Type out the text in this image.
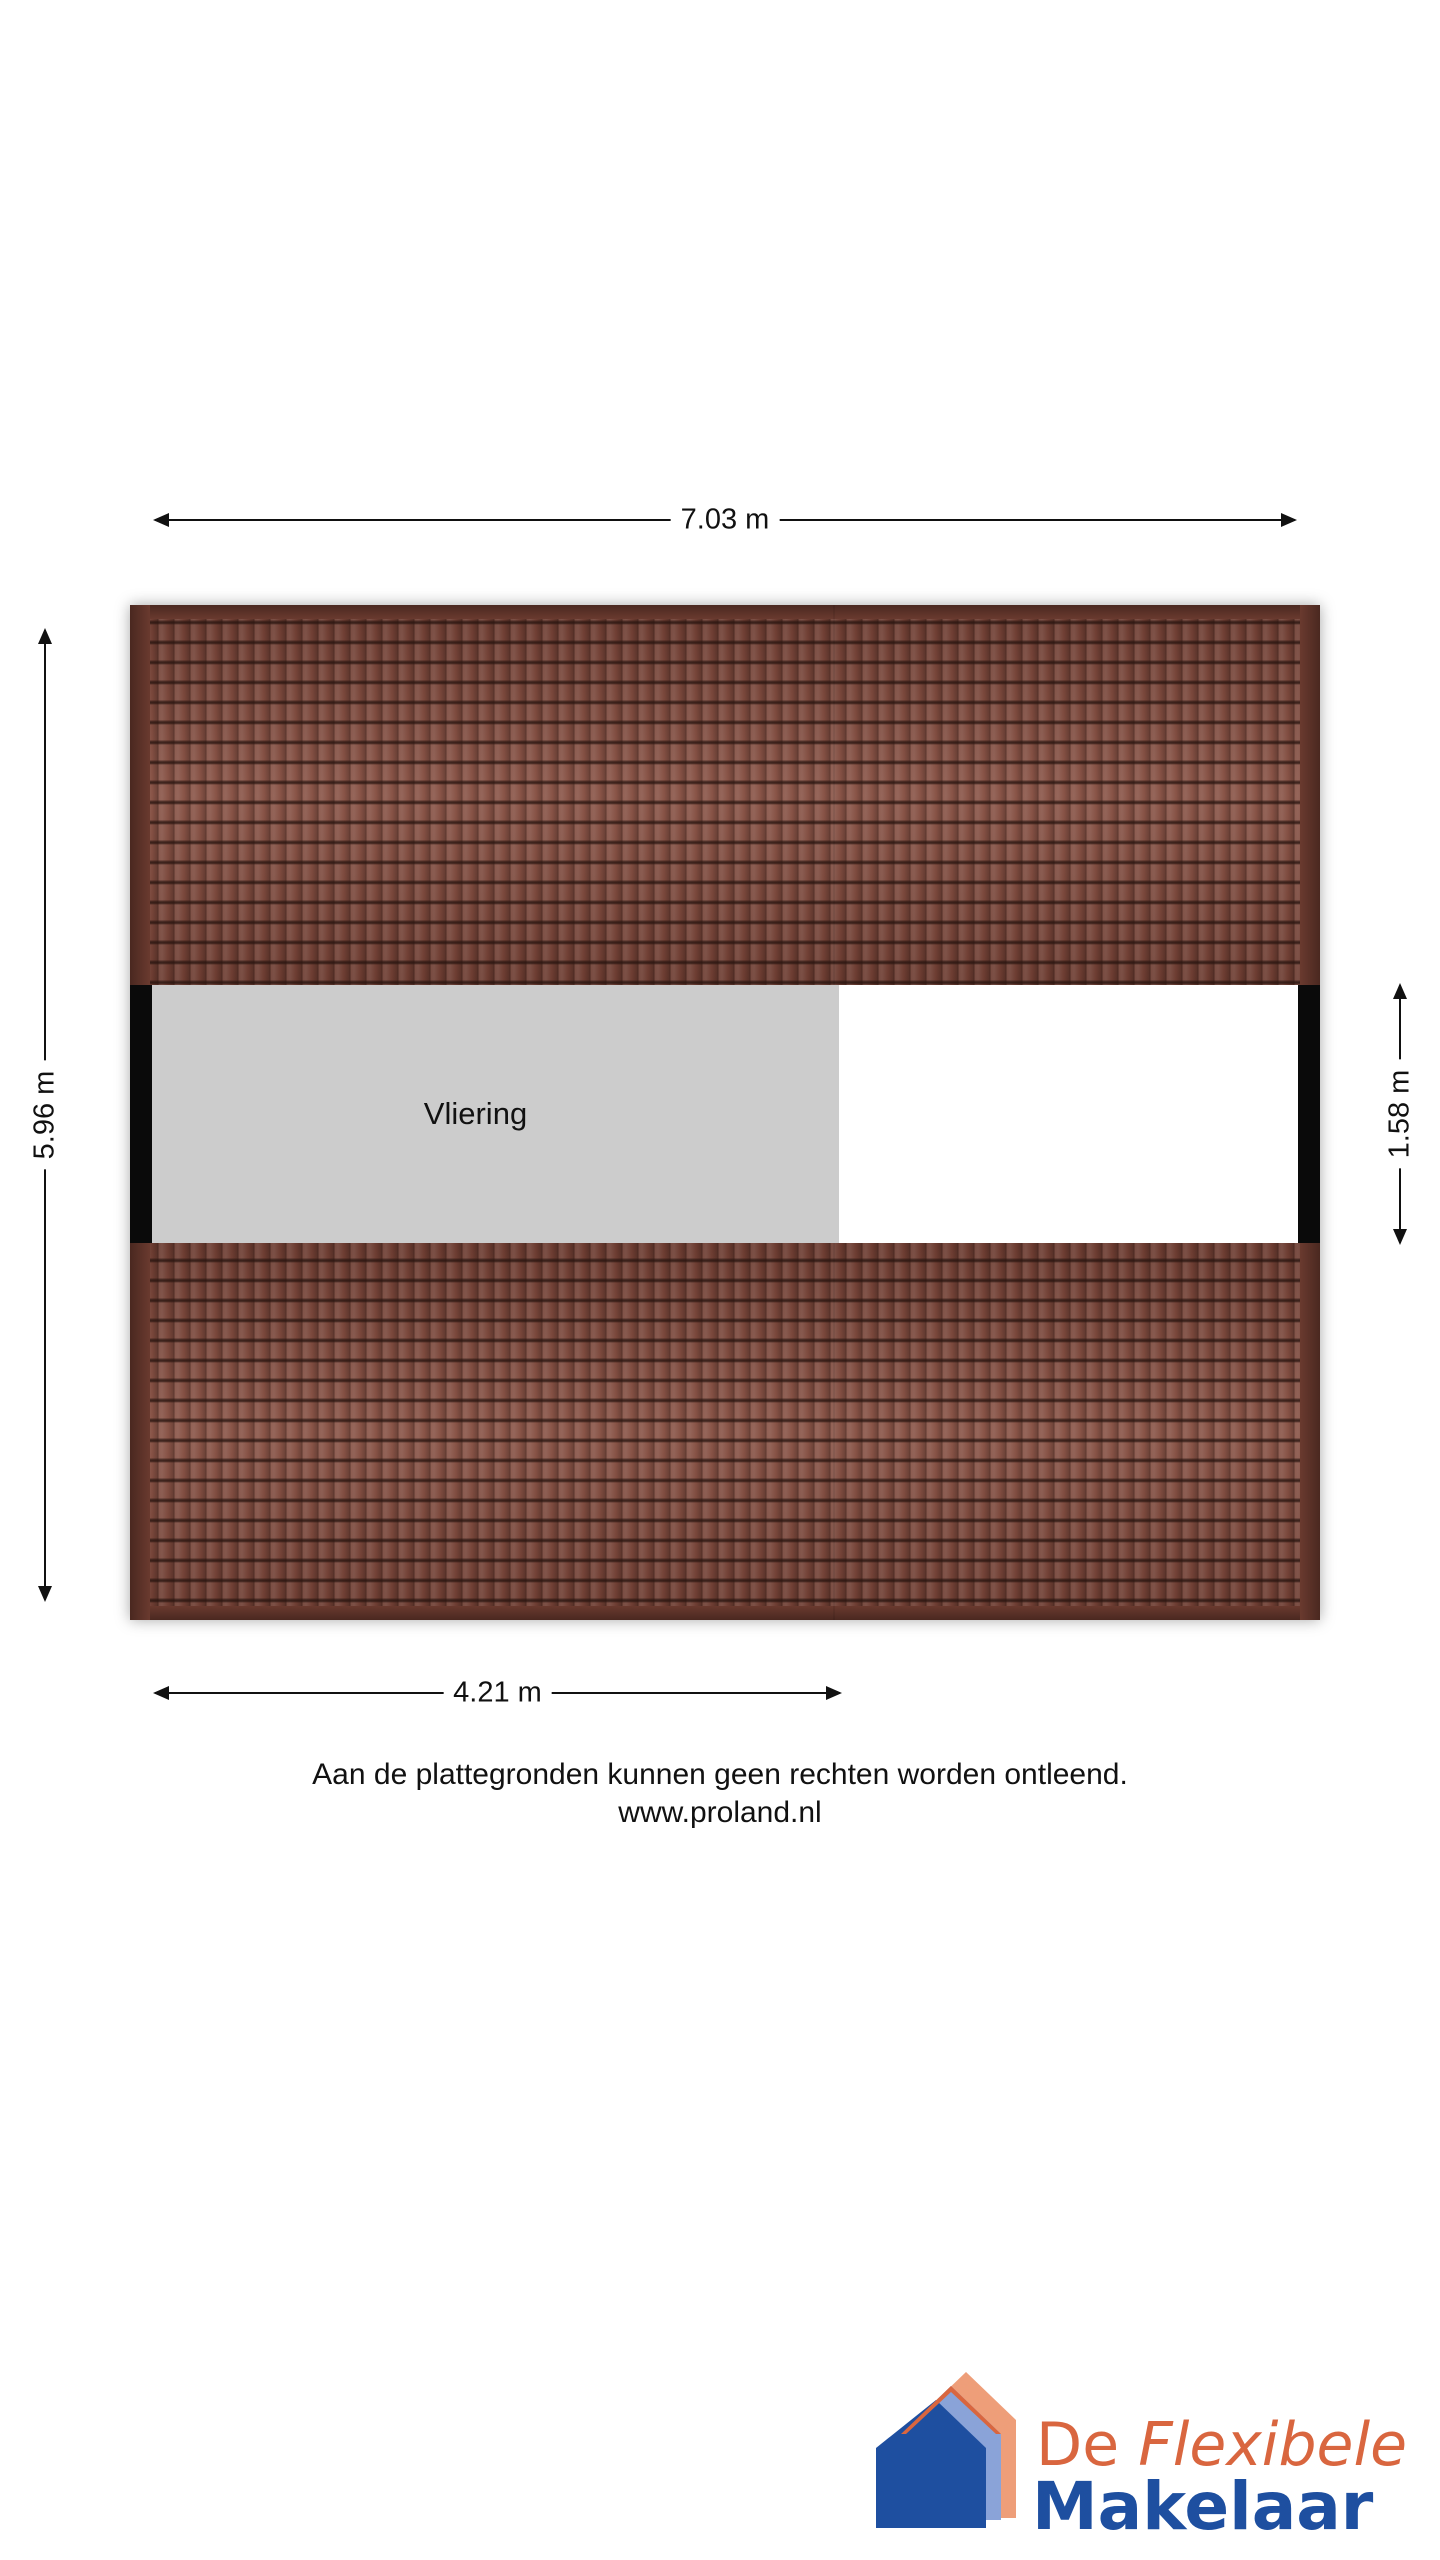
7.03 m
5.96 m	1.58 m
Vliering
4.21 m
Aan de plattegronden kunnen geen rechten worden ontleend.
www.proland.nl
De Flexibele
Makelaar
